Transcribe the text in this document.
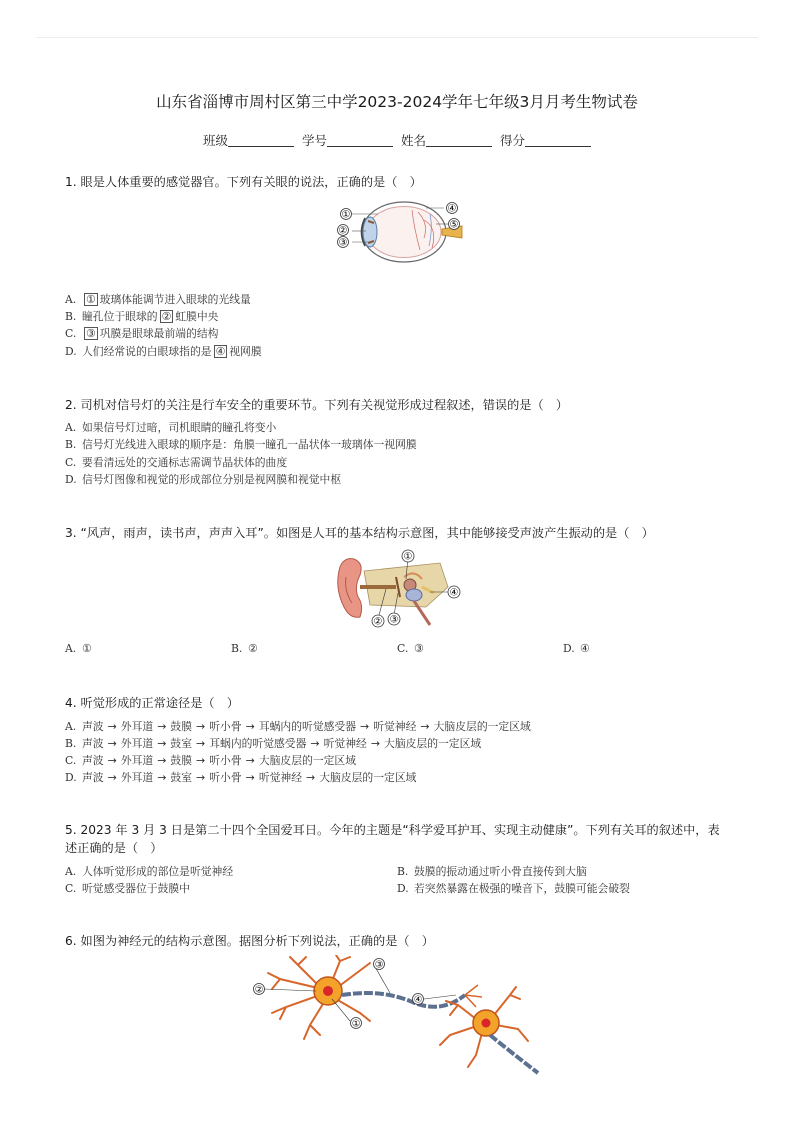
山东省淄博市周村区第三中学2023-2024学年七年级3月月考生物试卷
班级	学号	姓名	得分
1. 眼是人体重要的感觉器官。下列有关眼的说法，正确的是（　）
①
②
③
④
⑤
A. ① 玻璃体能调节进入眼球的光线量
B. 瞳孔位于眼球的 ② 虹膜中央
C. ③ 巩膜是眼球最前端的结构
D. 人们经常说的白眼球指的是 ④ 视网膜
2. 司机对信号灯的关注是行车安全的重要环节。下列有关视觉形成过程叙述，错误的是（　）
A. 如果信号灯过暗，司机眼睛的瞳孔将变小
B. 信号灯光线进入眼球的顺序是：角膜一瞳孔一晶状体一玻璃体一视网膜
C. 要看清远处的交通标志需调节晶状体的曲度
D. 信号灯图像和视觉的形成部位分别是视网膜和视觉中枢
3. “风声，雨声，读书声，声声入耳”。如图是人耳的基本结构示意图，其中能够接受声波产生振动的是（　）
①
② ③
④
A. ①	B. ②	C. ③	D. ④
4. 听觉形成的正常途径是（　）
A. 声波 → 外耳道 → 鼓膜 → 听小骨 → 耳蜗内的听觉感受器 → 听觉神经 → 大脑皮层的一定区域
B. 声波 → 外耳道 → 鼓室 → 耳蜗内的听觉感受器 → 听觉神经 → 大脑皮层的一定区域
C. 声波 → 外耳道 → 鼓膜 → 听小骨 → 大脑皮层的一定区域
D. 声波 → 外耳道 → 鼓室 → 听小骨 → 听觉神经 → 大脑皮层的一定区域
5. 2023 年 3 月 3 日是第二十四个全国爱耳日。今年的主题是“科学爱耳护耳、实现主动健康”。下列有关耳的叙述中，表述正确的是（　）
A. 人体听觉形成的部位是听觉神经	B. 鼓膜的振动通过听小骨直接传到大脑
C. 听觉感受器位于鼓膜中	D. 若突然暴露在极强的噪音下，鼓膜可能会破裂
6. 如图为神经元的结构示意图。据图分析下列说法，正确的是（　）
②
①
③
④
